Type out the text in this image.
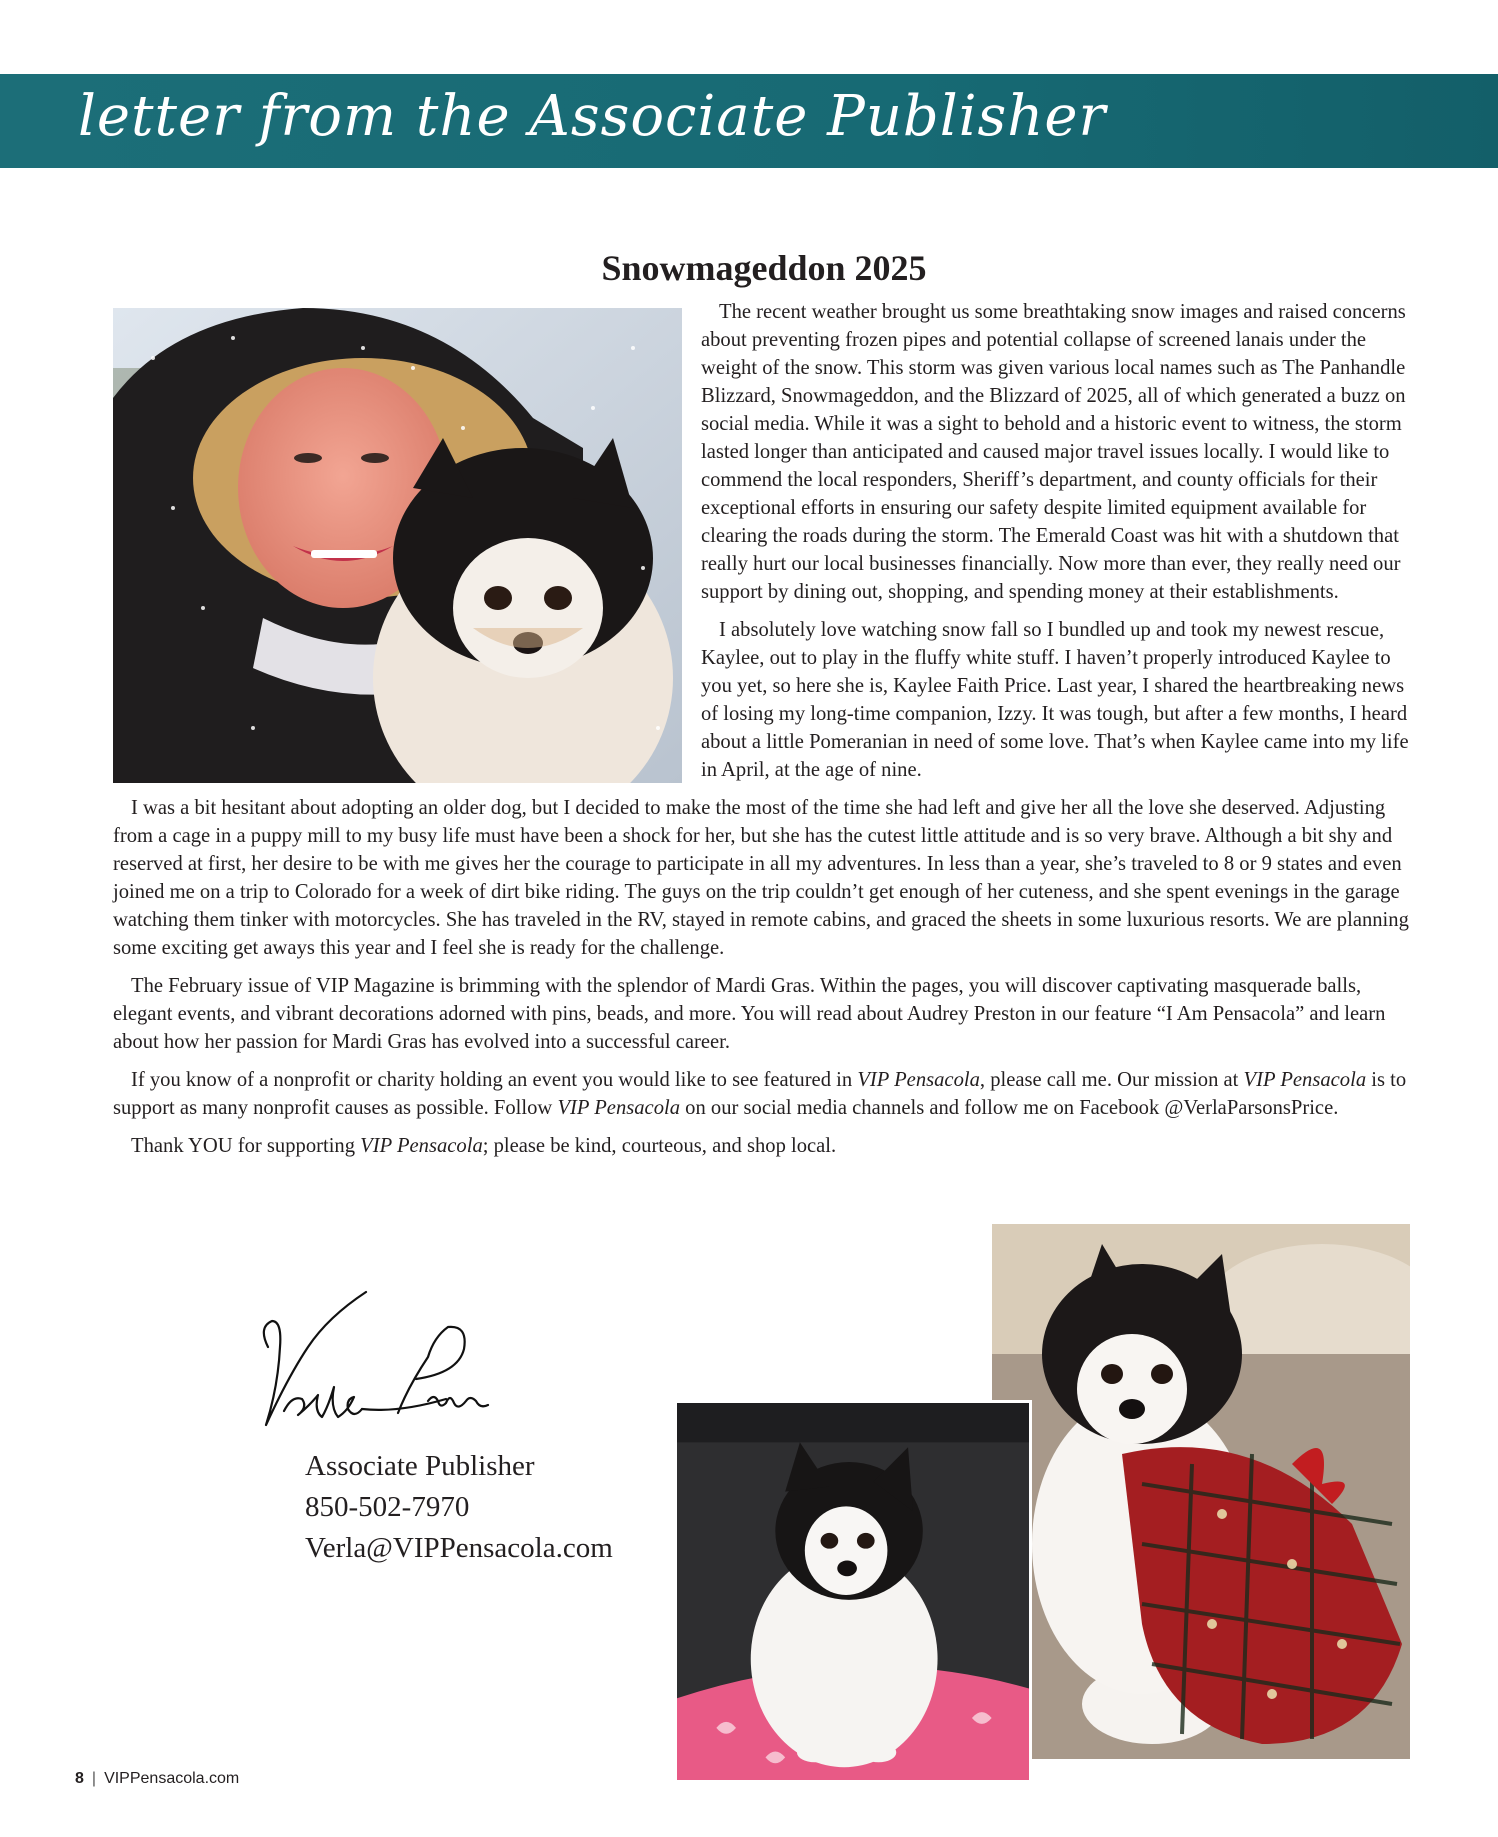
letter from the Associate Publisher
Snowmageddon 2025

The recent weather brought us some breathtaking snow images and raised concerns about preventing frozen pipes and potential collapse of screened lanais under the weight of the snow. This storm was given various local names such as The Panhandle Blizzard, Snowmageddon, and the Blizzard of 2025, all of which generated a buzz on social media. While it was a sight to behold and a historic event to witness, the storm lasted longer than anticipated and caused major travel issues locally. I would like to commend the local responders, Sheriff’s department, and county officials for their exceptional efforts in ensuring our safety despite limited equipment available for clearing the roads during the storm. The Emerald Coast was hit with a shutdown that really hurt our local businesses financially. Now more than ever, they really need our support by dining out, shopping, and spending money at their establishments.

I absolutely love watching snow fall so I bundled up and took my newest rescue, Kaylee, out to play in the fluffy white stuff. I haven’t properly introduced Kaylee to you yet, so here she is, Kaylee Faith Price. Last year, I shared the heartbreaking news of losing my long-time companion, Izzy. It was tough, but after a few months, I heard about a little Pomeranian in need of some love. That’s when Kaylee came into my life in April, at the age of nine.

I was a bit hesitant about adopting an older dog, but I decided to make the most of the time she had left and give her all the love she deserved. Adjusting from a cage in a puppy mill to my busy life must have been a shock for her, but she has the cutest little attitude and is so very brave. Although a bit shy and reserved at first, her desire to be with me gives her the courage to participate in all my adventures. In less than a year, she’s traveled to 8 or 9 states and even joined me on a trip to Colorado for a week of dirt bike riding. The guys on the trip couldn’t get enough of her cuteness, and she spent evenings in the garage watching them tinker with motorcycles. She has traveled in the RV, stayed in remote cabins, and graced the sheets in some luxurious resorts. We are planning some exciting get aways this year and I feel she is ready for the challenge.

The February issue of VIP Magazine is brimming with the splendor of Mardi Gras. Within the pages, you will discover captivating masquerade balls, elegant events, and vibrant decorations adorned with pins, beads, and more. You will read about Audrey Preston in our feature “I Am Pensacola” and learn about how her passion for Mardi Gras has evolved into a successful career.

If you know of a nonprofit or charity holding an event you would like to see featured in VIP Pensacola, please call me. Our mission at VIP Pensacola is to support as many nonprofit causes as possible. Follow VIP Pensacola on our social media channels and follow me on Facebook @VerlaParsonsPrice.

Thank YOU for supporting VIP Pensacola; please be kind, courteous, and shop local.

Associate Publisher
850-502-7970
Verla@VIPPensacola.com
8 | VIPPensacola.com
